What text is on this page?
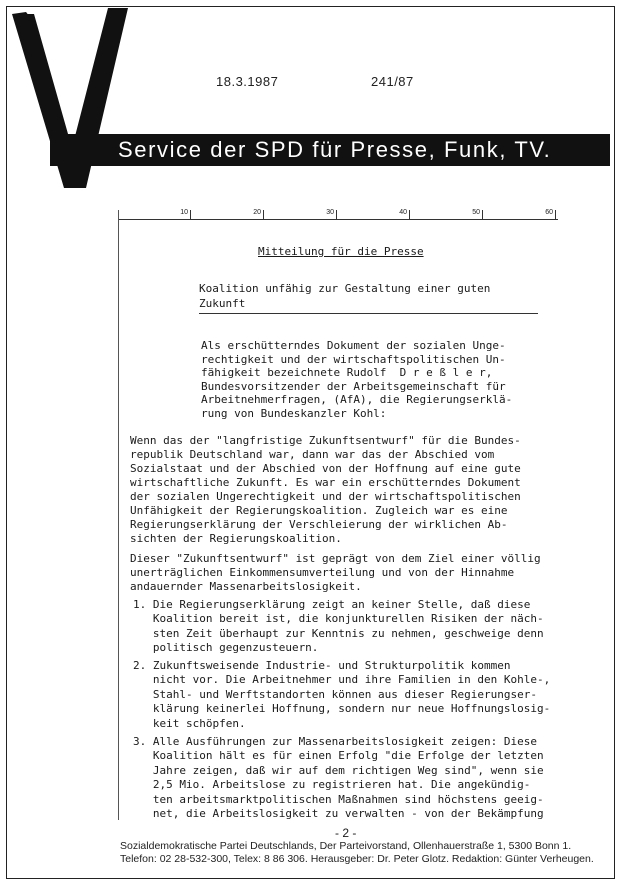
18.3.1987	241/87
Service der SPD für Presse, Funk, TV.
10	20	30	40	50	60
Mitteilung für die Presse
Koalition unfähig zur Gestaltung einer guten
Zukunft
Als erschütterndes Dokument der sozialen Unge-
rechtigkeit und der wirtschaftspolitischen Un-
fähigkeit bezeichnete Rudolf  D r e ß l e r,
Bundesvorsitzender der Arbeitsgemeinschaft für
Arbeitnehmerfragen, (AfA), die Regierungserklä-
rung von Bundeskanzler Kohl:
Wenn das der "langfristige Zukunftsentwurf" für die Bundes-
republik Deutschland war, dann war das der Abschied vom
Sozialstaat und der Abschied von der Hoffnung auf eine gute
wirtschaftliche Zukunft. Es war ein erschütterndes Dokument
der sozialen Ungerechtigkeit und der wirtschaftspolitischen
Unfähigkeit der Regierungskoalition. Zugleich war es eine
Regierungserklärung der Verschleierung der wirklichen Ab-
sichten der Regierungskoalition.
Dieser "Zukunftsentwurf" ist geprägt von dem Ziel einer völlig
unerträglichen Einkommensumverteilung und von der Hinnahme
andauernder Massenarbeitslosigkeit.
1. Die Regierungserklärung zeigt an keiner Stelle, daß diese
Koalition bereit ist, die konjunkturellen Risiken der näch-
sten Zeit überhaupt zur Kenntnis zu nehmen, geschweige denn
politisch gegenzusteuern.
2. Zukunftsweisende Industrie- und Strukturpolitik kommen
nicht vor. Die Arbeitnehmer und ihre Familien in den Kohle-,
Stahl- und Werftstandorten können aus dieser Regierungser-
klärung keinerlei Hoffnung, sondern nur neue Hoffnungslosig-
keit schöpfen.
3. Alle Ausführungen zur Massenarbeitslosigkeit zeigen: Diese
Koalition hält es für einen Erfolg "die Erfolge der letzten
Jahre zeigen, daß wir auf dem richtigen Weg sind", wenn sie
2,5 Mio. Arbeitslose zu registrieren hat. Die angekündig-
ten arbeitsmarktpolitischen Maßnahmen sind höchstens geeig-
net, die Arbeitslosigkeit zu verwalten - von der Bekämpfung
- 2 -
Sozialdemokratische Partei Deutschlands, Der Parteivorstand, Ollenhauerstraße 1, 5300 Bonn 1.
Telefon: 02 28-532-300, Telex: 8 86 306. Herausgeber: Dr. Peter Glotz. Redaktion: Günter Verheugen.
